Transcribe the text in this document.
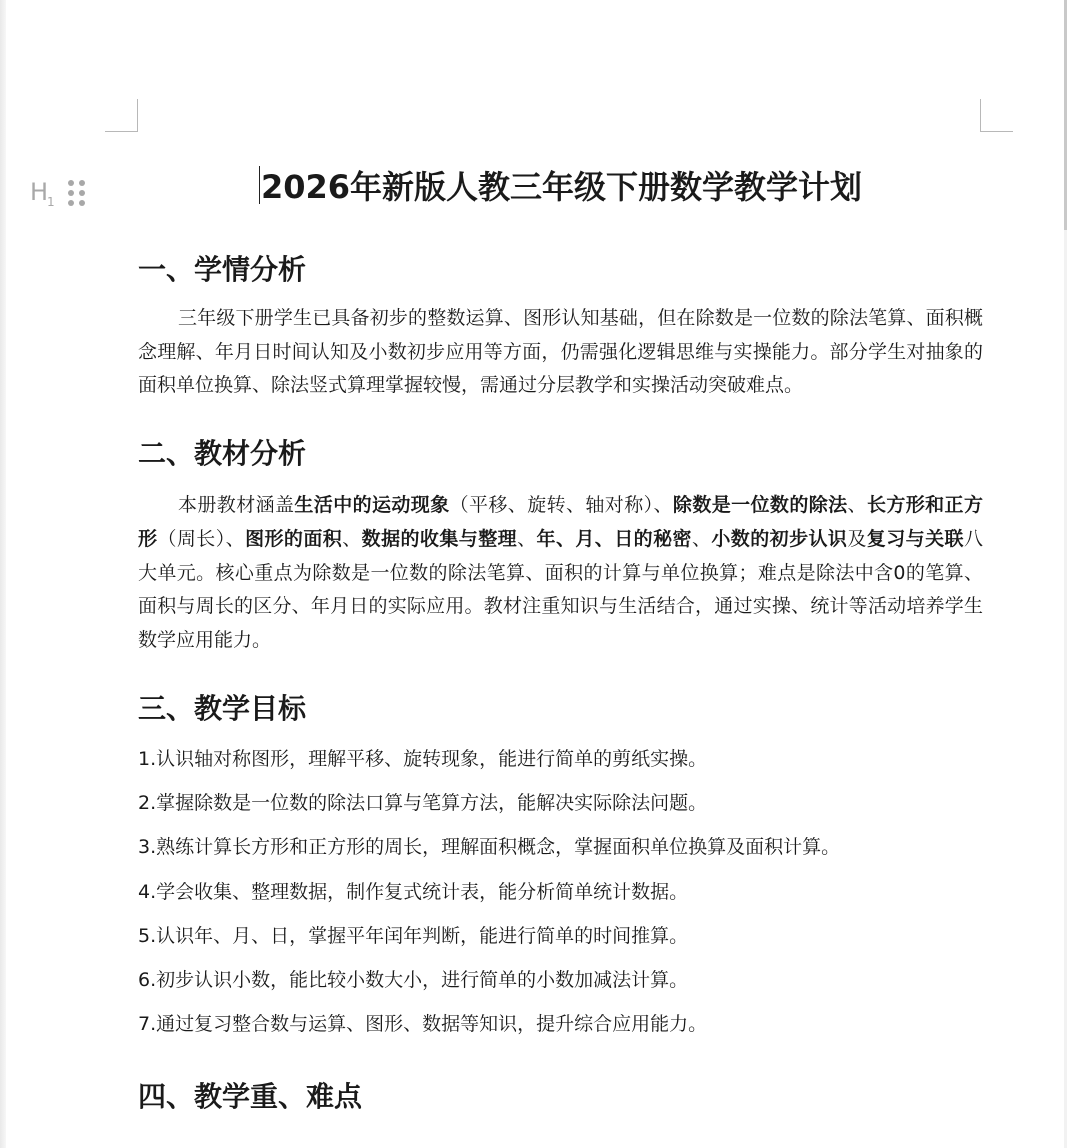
$H_1$	2026年新版人教三年级下册数学教学计划
一、学情分析

三年级下册学生已具备初步的整数运算、图形认知基础，但在除数是一位数的除法笔算、面积概念理解、年月日时间认知及小数初步应用等方面，仍需强化逻辑思维与实操能力。部分学生对抽象的面积单位换算、除法竖式算理掌握较慢，需通过分层教学和实操活动突破难点。

二、教材分析

本册教材涵盖生活中的运动现象（平移、旋转、轴对称）、除数是一位数的除法、长方形和正方形（周长）、图形的面积、数据的收集与整理、年、月、日的秘密、小数的初步认识及复习与关联八大单元。核心重点为除数是一位数的除法笔算、面积的计算与单位换算；难点是除法中含0的笔算、面积与周长的区分、年月日的实际应用。教材注重知识与生活结合，通过实操、统计等活动培养学生数学应用能力。

三、教学目标

1.认识轴对称图形，理解平移、旋转现象，能进行简单的剪纸实操。

2.掌握除数是一位数的除法口算与笔算方法，能解决实际除法问题。

3.熟练计算长方形和正方形的周长，理解面积概念，掌握面积单位换算及面积计算。

4.学会收集、整理数据，制作复式统计表，能分析简单统计数据。

5.认识年、月、日，掌握平年闰年判断，能进行简单的时间推算。

6.初步认识小数，能比较小数大小，进行简单的小数加减法计算。

7.通过复习整合数与运算、图形、数据等知识，提升综合应用能力。

四、教学重、难点
